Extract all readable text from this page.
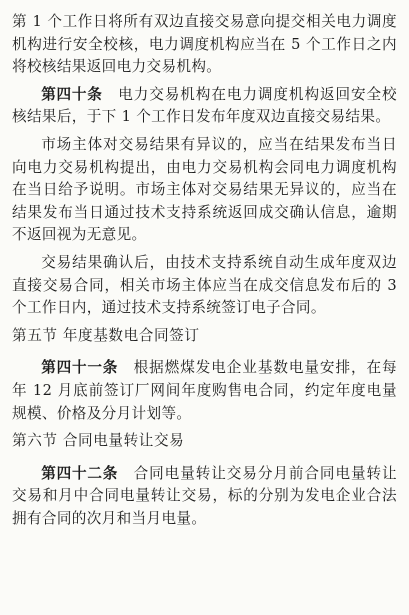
第 1 个工作日将所有双边直接交易意向提交相关电力调度机构进行安全校核，电力调度机构应当在 5 个工作日之内将校核结果返回电力交易机构。

第四十条　 电力交易机构在电力调度机构返回安全校核结果后，于下 1 个工作日发布年度双边直接交易结果。

市场主体对交易结果有异议的，应当在结果发布当日向电力交易机构提出，由电力交易机构会同电力调度机构在当日给予说明。市场主体对交易结果无异议的，应当在结果发布当日通过技术支持系统返回成交确认信息，逾期不返回视为无意见。

交易结果确认后，由技术支持系统自动生成年度双边直接交易合同，相关市场主体应当在成交信息发布后的 3 个工作日内，通过技术支持系统签订电子合同。

第五节 年度基数电合同签订

第四十一条　 根据燃煤发电企业基数电量安排，在每年 12 月底前签订厂网间年度购售电合同，约定年度电量规模、价格及分月计划等。

第六节 合同电量转让交易

第四十二条　 合同电量转让交易分月前合同电量转让交易和月中合同电量转让交易，标的分别为发电企业合法拥有合同的次月和当月电量。
